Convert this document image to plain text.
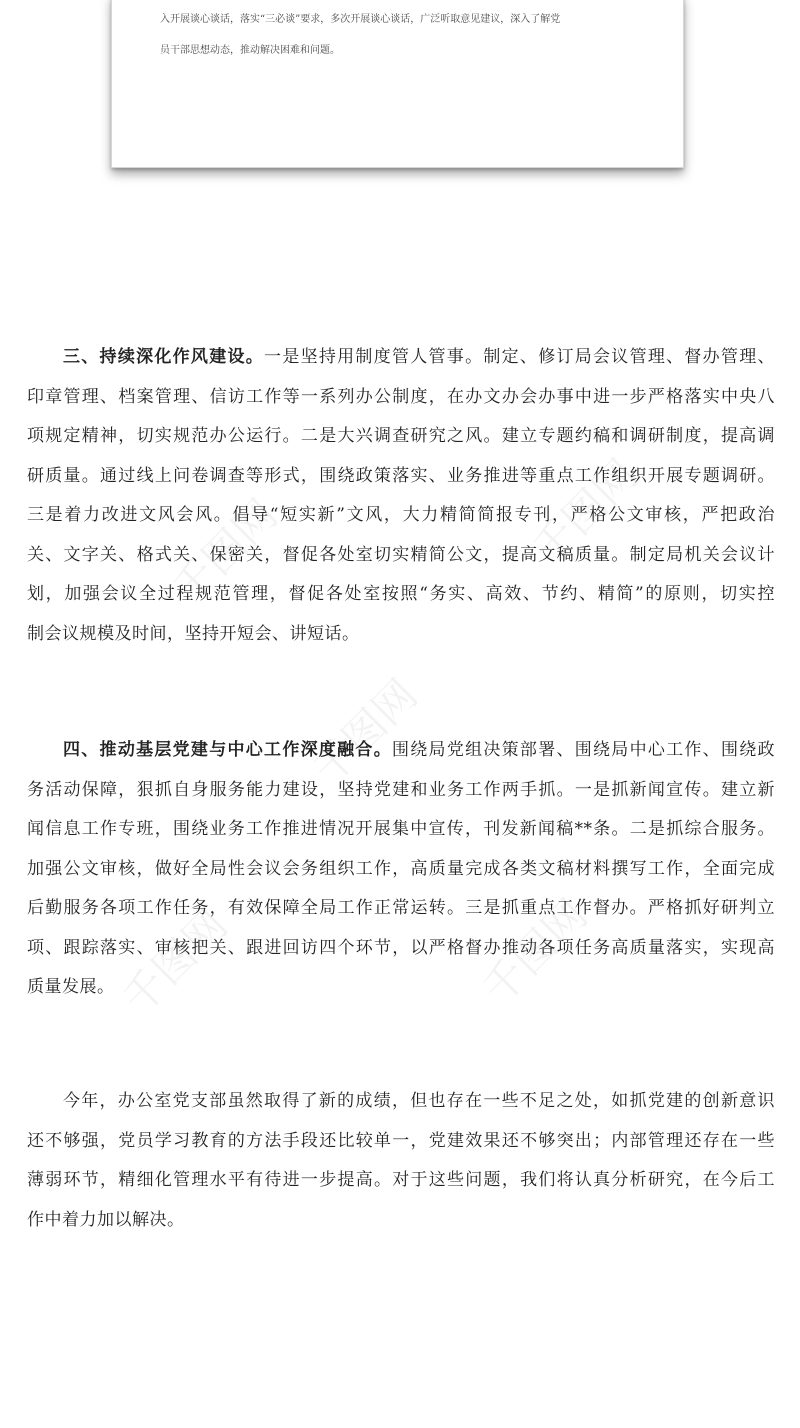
千图网	千图网
千图网
千图网	千图网
入开展谈心谈话，落实“三必谈”要求，多次开展谈心谈话，广泛听取意见建议，深入了解党
员干部思想动态，推动解决困难和问题。
三、持续深化作风建设。一是坚持用制度管人管事。制定、修订局会议管理、督办管理、
印章管理、档案管理、信访工作等一系列办公制度，在办文办会办事中进一步严格落实中央八
项规定精神，切实规范办公运行。二是大兴调查研究之风。建立专题约稿和调研制度，提高调
研质量。通过线上问卷调查等形式，围绕政策落实、业务推进等重点工作组织开展专题调研。
三是着力改进文风会风。倡导“短实新”文风，大力精简简报专刊，严格公文审核，严把政治
关、文字关、格式关、保密关，督促各处室切实精简公文，提高文稿质量。制定局机关会议计
划，加强会议全过程规范管理，督促各处室按照“务实、高效、节约、精简”的原则，切实控
制会议规模及时间，坚持开短会、讲短话。
四、推动基层党建与中心工作深度融合。围绕局党组决策部署、围绕局中心工作、围绕政
务活动保障，狠抓自身服务能力建设，坚持党建和业务工作两手抓。一是抓新闻宣传。建立新
闻信息工作专班，围绕业务工作推进情况开展集中宣传，刊发新闻稿**条。二是抓综合服务。
加强公文审核，做好全局性会议会务组织工作，高质量完成各类文稿材料撰写工作，全面完成
后勤服务各项工作任务，有效保障全局工作正常运转。三是抓重点工作督办。严格抓好研判立
项、跟踪落实、审核把关、跟进回访四个环节，以严格督办推动各项任务高质量落实，实现高
质量发展。
今年，办公室党支部虽然取得了新的成绩，但也存在一些不足之处，如抓党建的创新意识
还不够强，党员学习教育的方法手段还比较单一，党建效果还不够突出；内部管理还存在一些
薄弱环节，精细化管理水平有待进一步提高。对于这些问题，我们将认真分析研究，在今后工
作中着力加以解决。
